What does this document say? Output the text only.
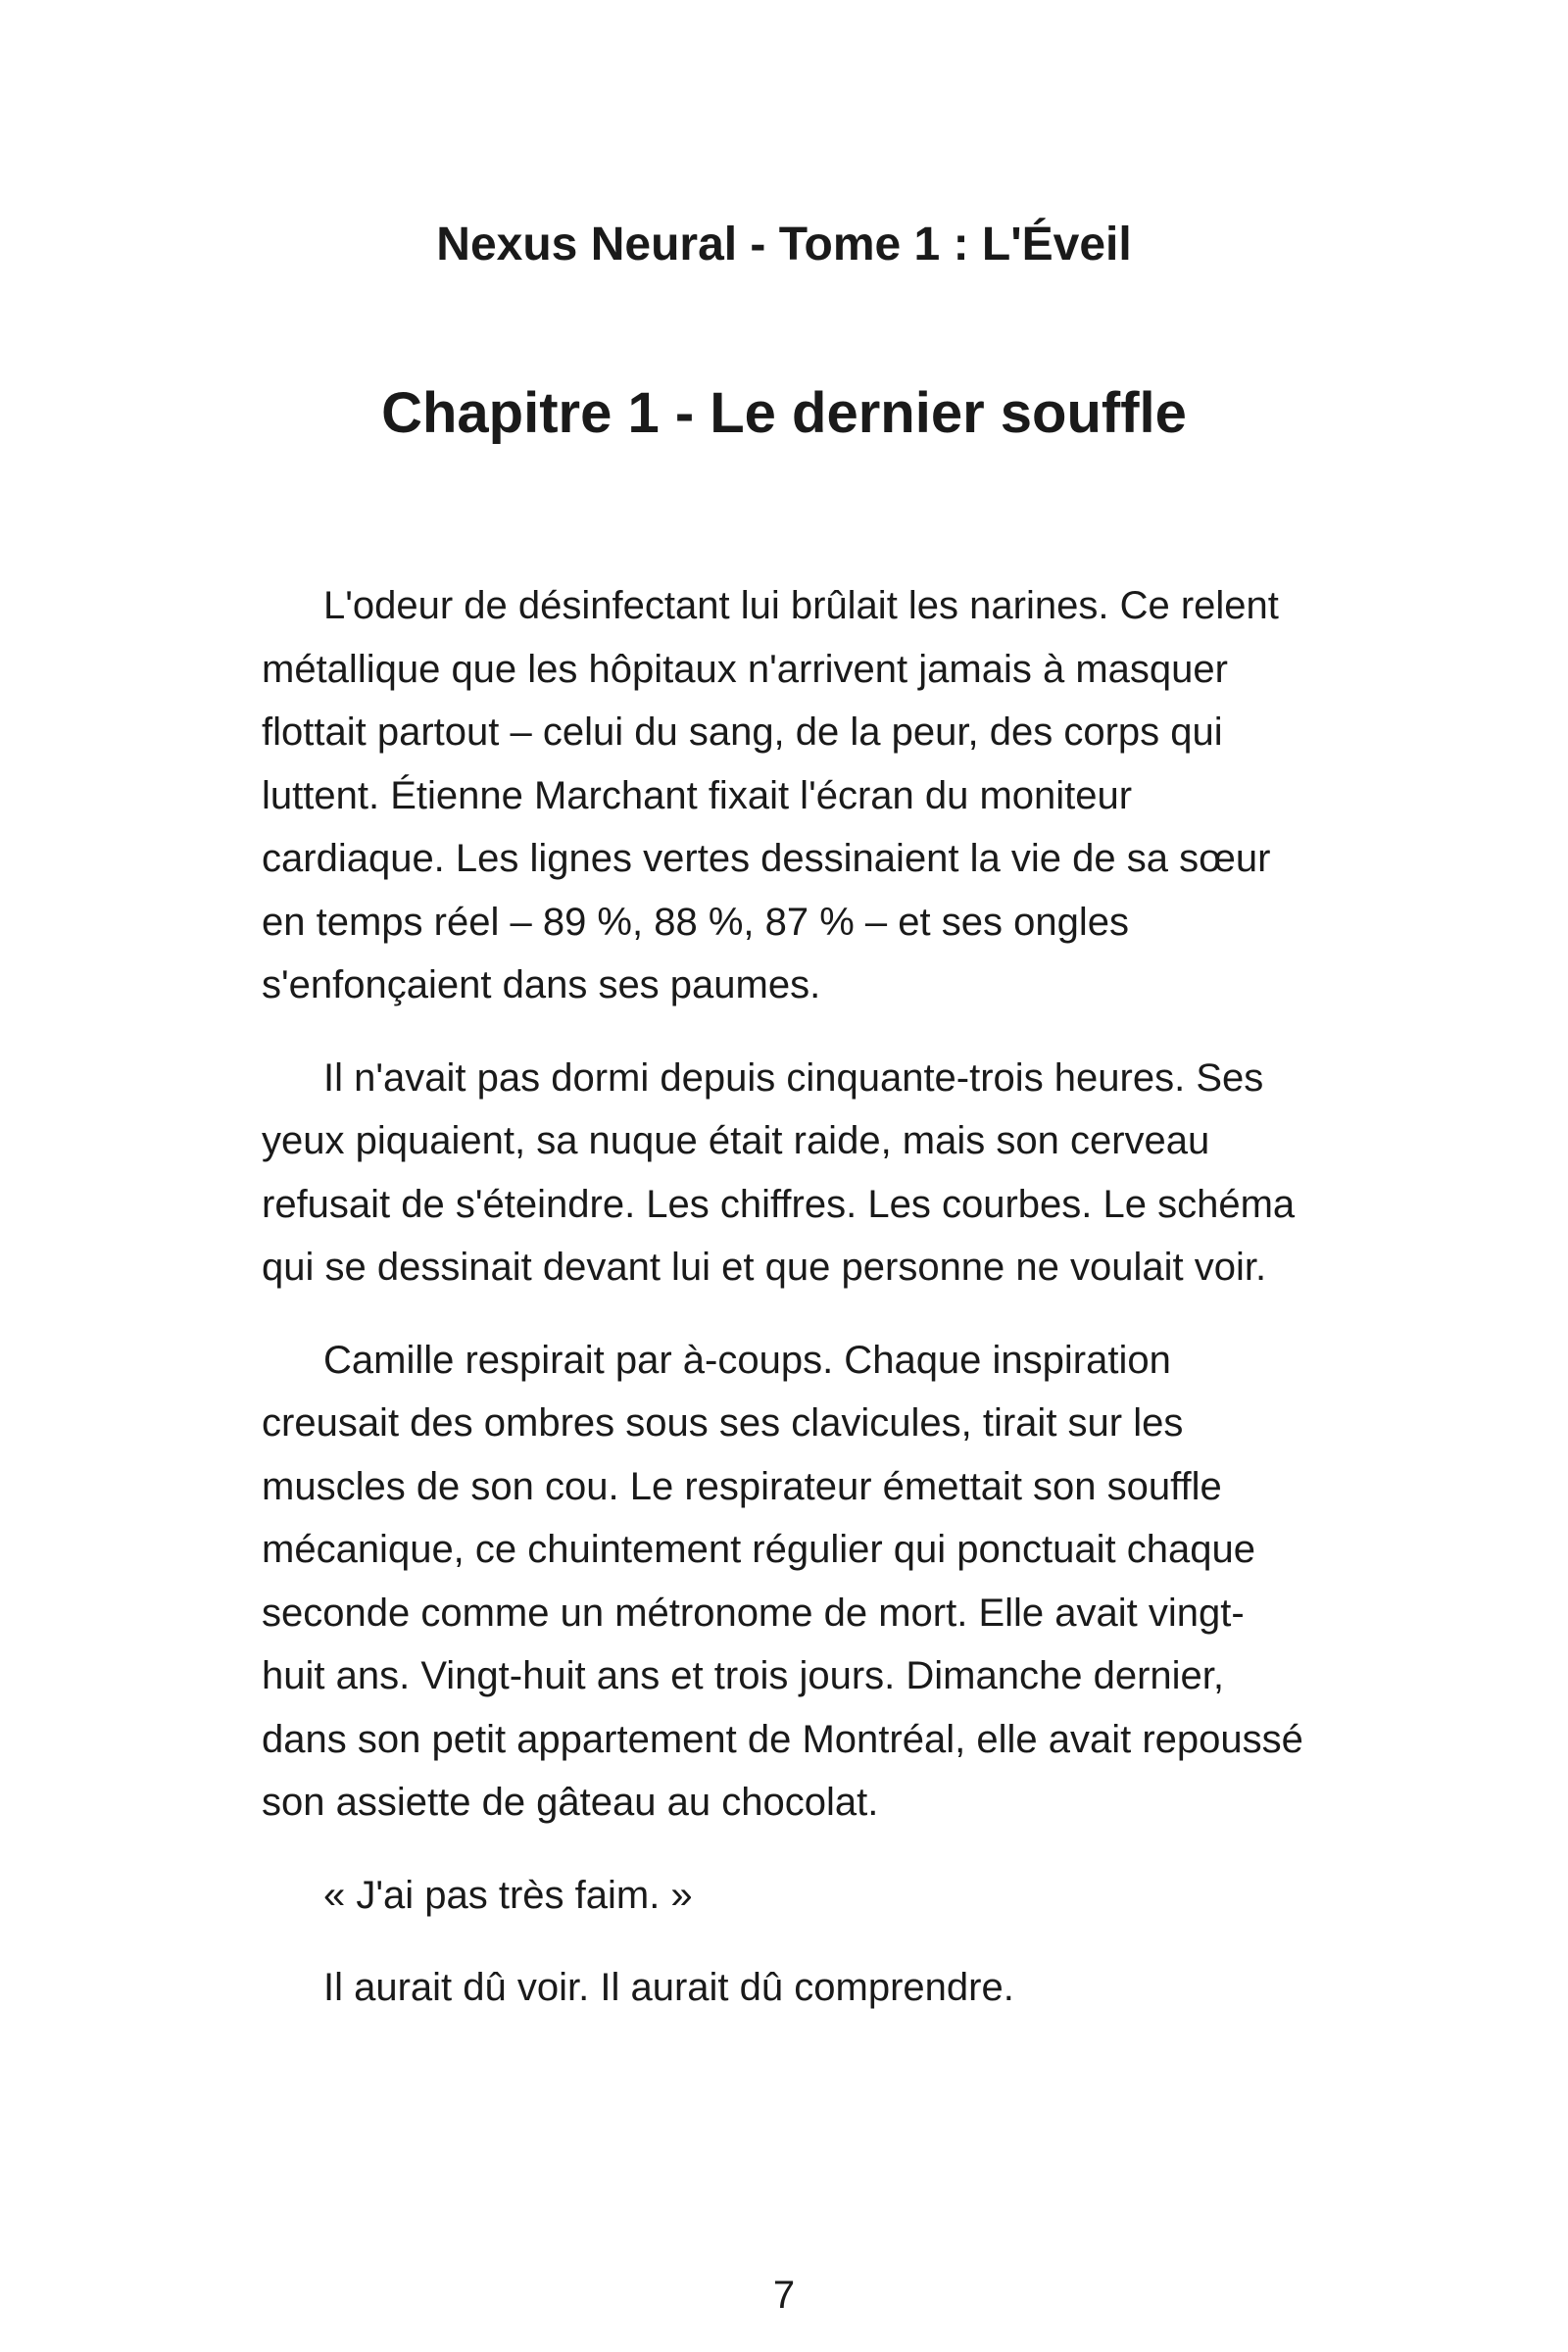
Nexus Neural - Tome 1 : L'Éveil
Chapitre 1 - Le dernier souffle

L'odeur de désinfectant lui brûlait les narines. Ce relent métallique que les hôpitaux n'arrivent jamais à masquer flottait partout – celui du sang, de la peur, des corps qui luttent. Étienne Marchant fixait l'écran du moniteur cardiaque. Les lignes vertes dessinaient la vie de sa sœur en temps réel – 89 %, 88 %, 87 % – et ses ongles s'enfonçaient dans ses paumes.

Il n'avait pas dormi depuis cinquante-trois heures. Ses yeux piquaient, sa nuque était raide, mais son cerveau refusait de s'éteindre. Les chiffres. Les courbes. Le schéma qui se dessinait devant lui et que personne ne voulait voir.

Camille respirait par à-coups. Chaque inspiration creusait des ombres sous ses clavicules, tirait sur les muscles de son cou. Le respirateur émettait son souffle mécanique, ce chuintement régulier qui ponctuait chaque seconde comme un métronome de mort. Elle avait vingt-huit ans. Vingt-huit ans et trois jours. Dimanche dernier, dans son petit appartement de Montréal, elle avait repoussé son assiette de gâteau au chocolat.

« J'ai pas très faim. »

Il aurait dû voir. Il aurait dû comprendre.

7
